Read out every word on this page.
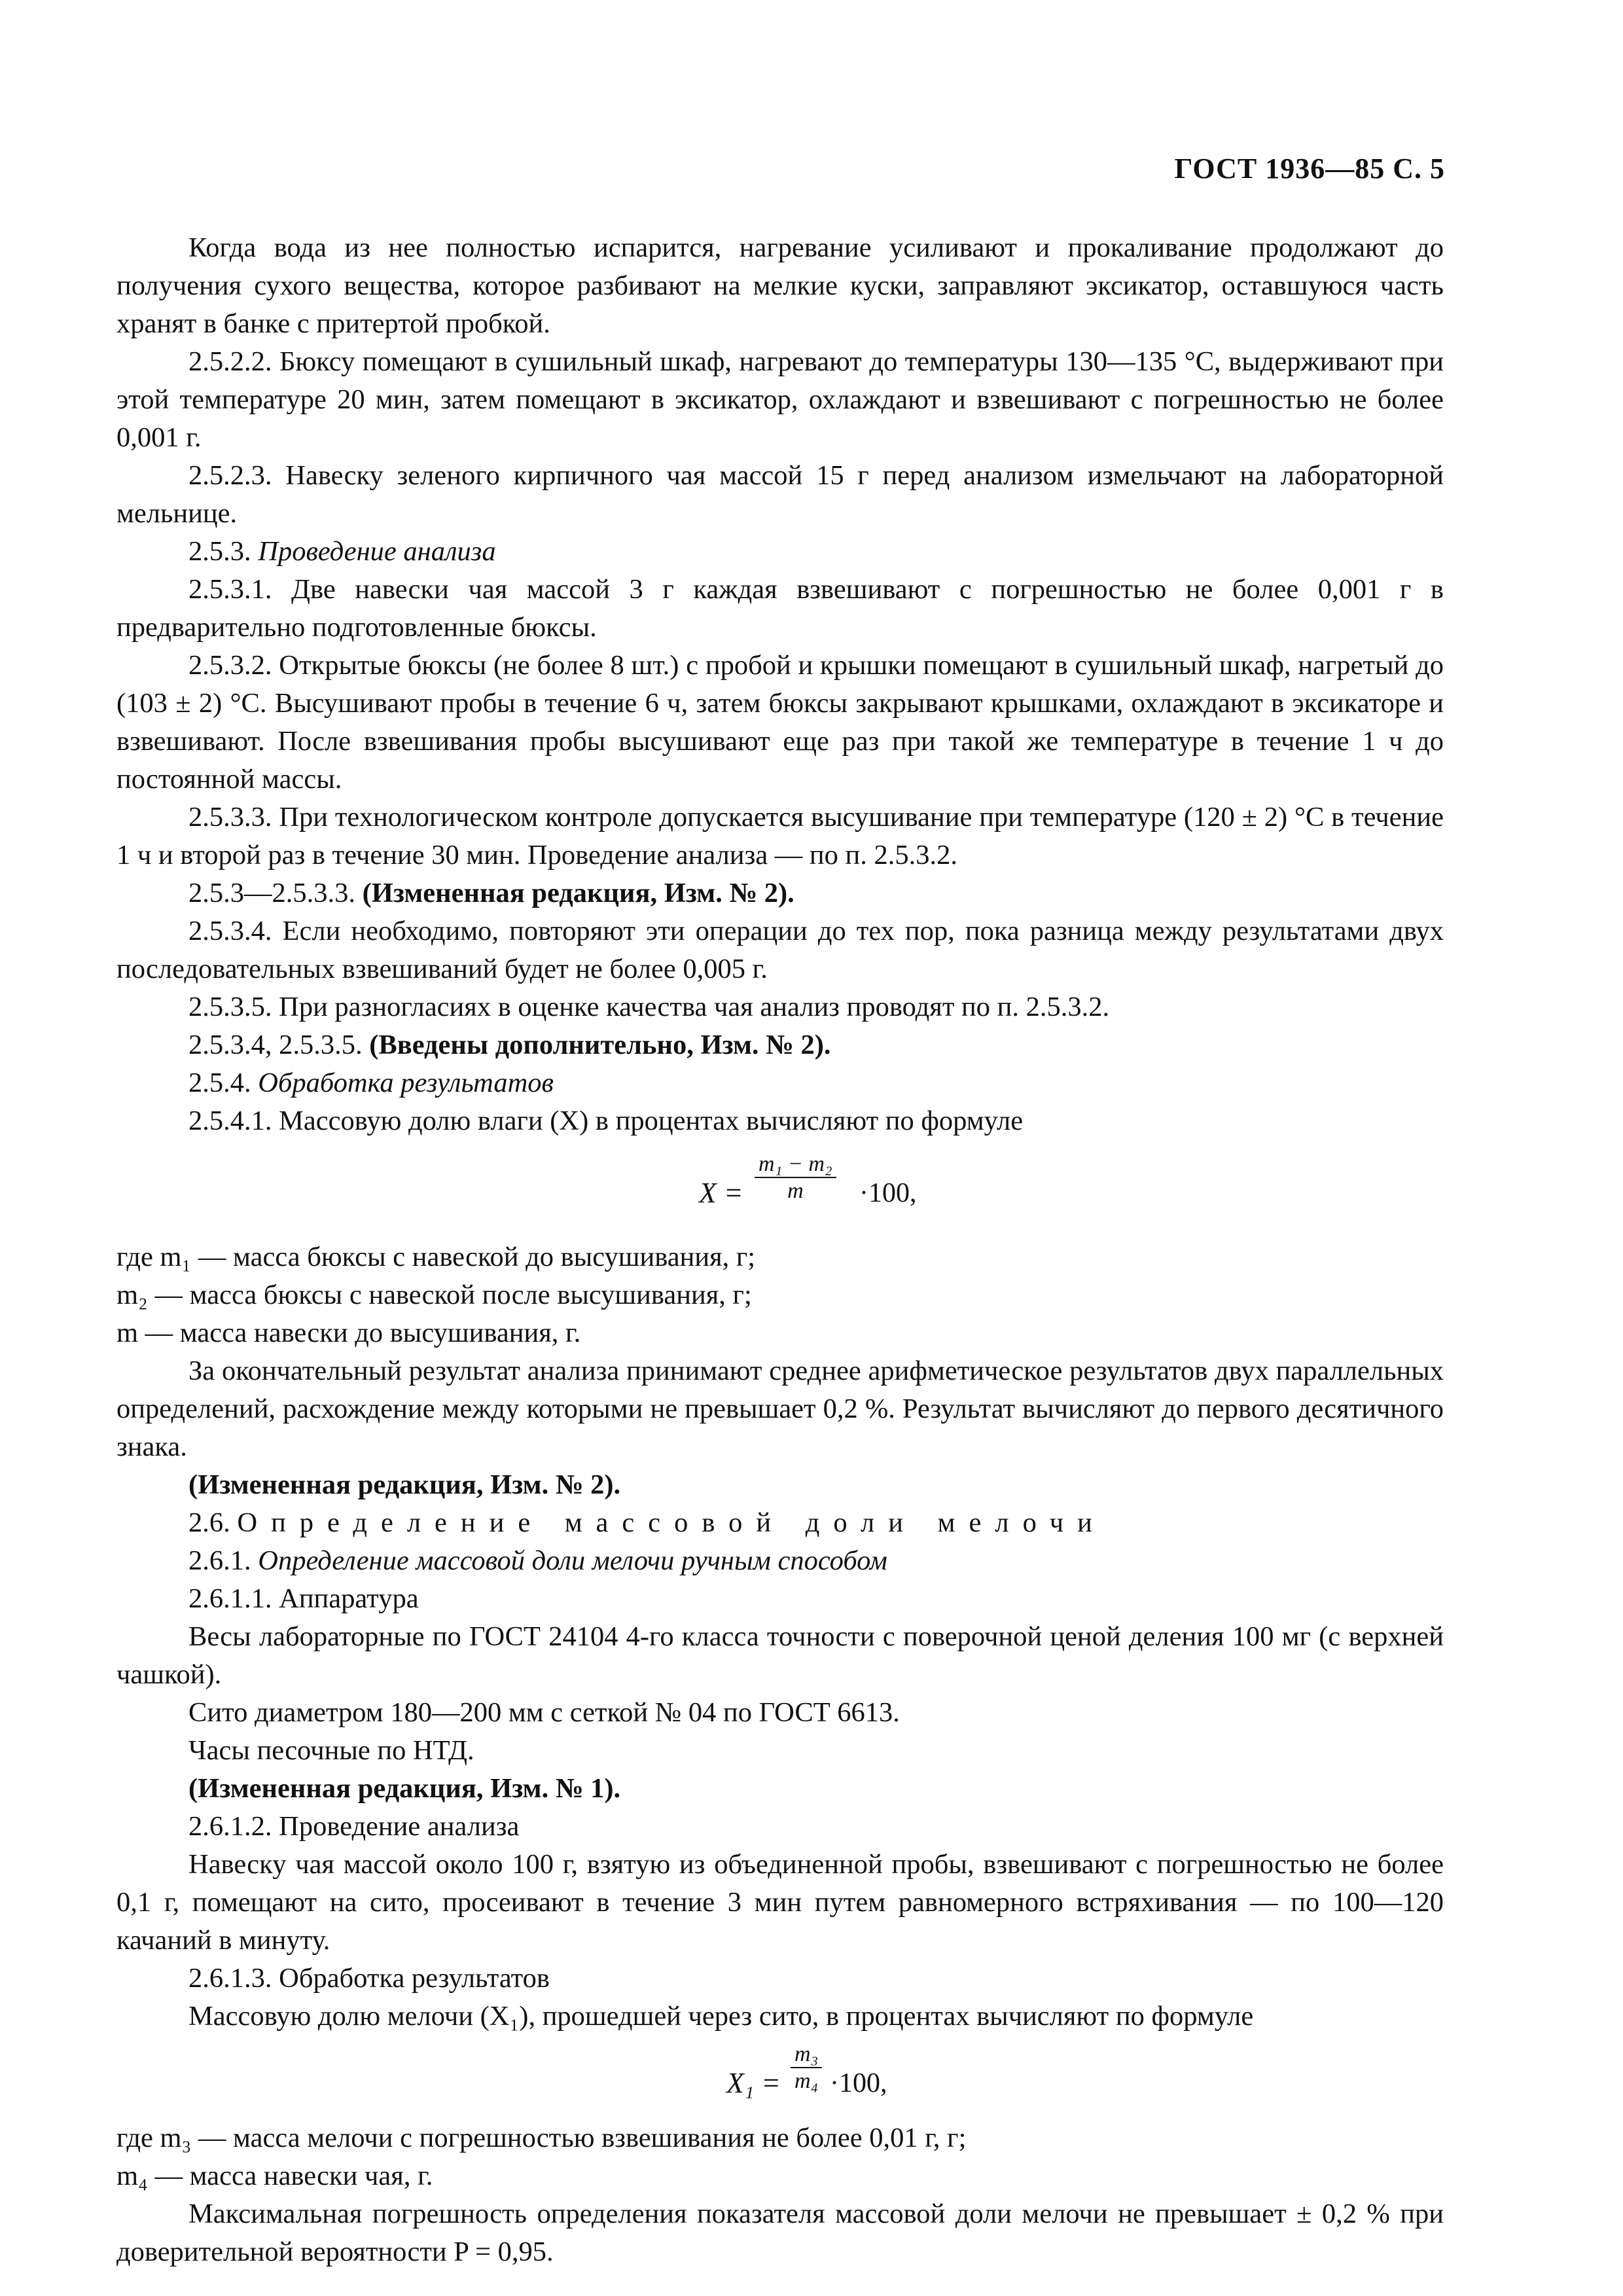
ГОСТ 1936—85 С. 5

Когда вода из нее полностью испарится, нагревание усиливают и прокаливание продолжают до получения сухого вещества, которое разбивают на мелкие куски, заправляют эксикатор, оставшуюся часть хранят в банке с притертой пробкой.

2.5.2.2. Бюксу помещают в сушильный шкаф, нагревают до температуры 130—135 °С, выдерживают при этой температуре 20 мин, затем помещают в эксикатор, охлаждают и взвешивают с погрешностью не более 0,001 г.

2.5.2.3. Навеску зеленого кирпичного чая массой 15 г перед анализом измельчают на лабораторной мельнице.

2.5.3. Проведение анализа

2.5.3.1. Две навески чая массой 3 г каждая взвешивают с погрешностью не более 0,001 г в предварительно подготовленные бюксы.

2.5.3.2. Открытые бюксы (не более 8 шт.) с пробой и крышки помещают в сушильный шкаф, нагретый до (103 ± 2) °С. Высушивают пробы в течение 6 ч, затем бюксы закрывают крышками, охлаждают в эксикаторе и взвешивают. После взвешивания пробы высушивают еще раз при такой же температуре в течение 1 ч до постоянной массы.

2.5.3.3. При технологическом контроле допускается высушивание при температуре (120 ± 2) °С в течение 1 ч и второй раз в течение 30 мин. Проведение анализа — по п. 2.5.3.2.

2.5.3—2.5.3.3. (Измененная редакция, Изм. № 2).

2.5.3.4. Если необходимо, повторяют эти операции до тех пор, пока разница между результатами двух последовательных взвешиваний будет не более 0,005 г.

2.5.3.5. При разногласиях в оценке качества чая анализ проводят по п. 2.5.3.2.

2.5.3.4, 2.5.3.5. (Введены дополнительно, Изм. № 2).

2.5.4. Обработка результатов

2.5.4.1. Массовую долю влаги (X) в процентах вычисляют по формуле

$X = \frac{\text{m₁ − m₂}}{m} \cdot 100$,

где m₁ — масса бюксы с навеской до высушивания, г;

m₂ — масса бюксы с навеской после высушивания, г;

m — масса навески до высушивания, г.

За окончательный результат анализа принимают среднее арифметическое результатов двух параллельных определений, расхождение между которыми не превышает 0,2 %. Результат вычисляют до первого десятичного знака.

(Измененная редакция, Изм. № 2).

2.6. Определение массовой доли мелочи

2.6.1. Определение массовой доли мелочи ручным способом

2.6.1.1. Аппаратура

Весы лабораторные по ГОСТ 24104 4-го класса точности с поверочной ценой деления 100 мг (с верхней чашкой).

Сито диаметром 180—200 мм с сеткой № 04 по ГОСТ 6613.

Часы песочные по НТД.

(Измененная редакция, Изм. № 1).

2.6.1.2. Проведение анализа

Навеску чая массой около 100 г, взятую из объединенной пробы, взвешивают с погрешностью не более 0,1 г, помещают на сито, просеивают в течение 3 мин путем равномерного встряхивания — по 100—120 качаний в минуту.

2.6.1.3. Обработка результатов

Массовую долю мелочи (X₁), прошедшей через сито, в процентах вычисляют по формуле

$X_1 = \frac{\text{m₃}}{\text{m₄}} \cdot 100$,

где m₃ — масса мелочи с погрешностью взвешивания не более 0,01 г, г;

m₄ — масса навески чая, г.

Максимальная погрешность определения показателя массовой доли мелочи не превышает ± 0,2 % при доверительной вероятности P = 0,95.
